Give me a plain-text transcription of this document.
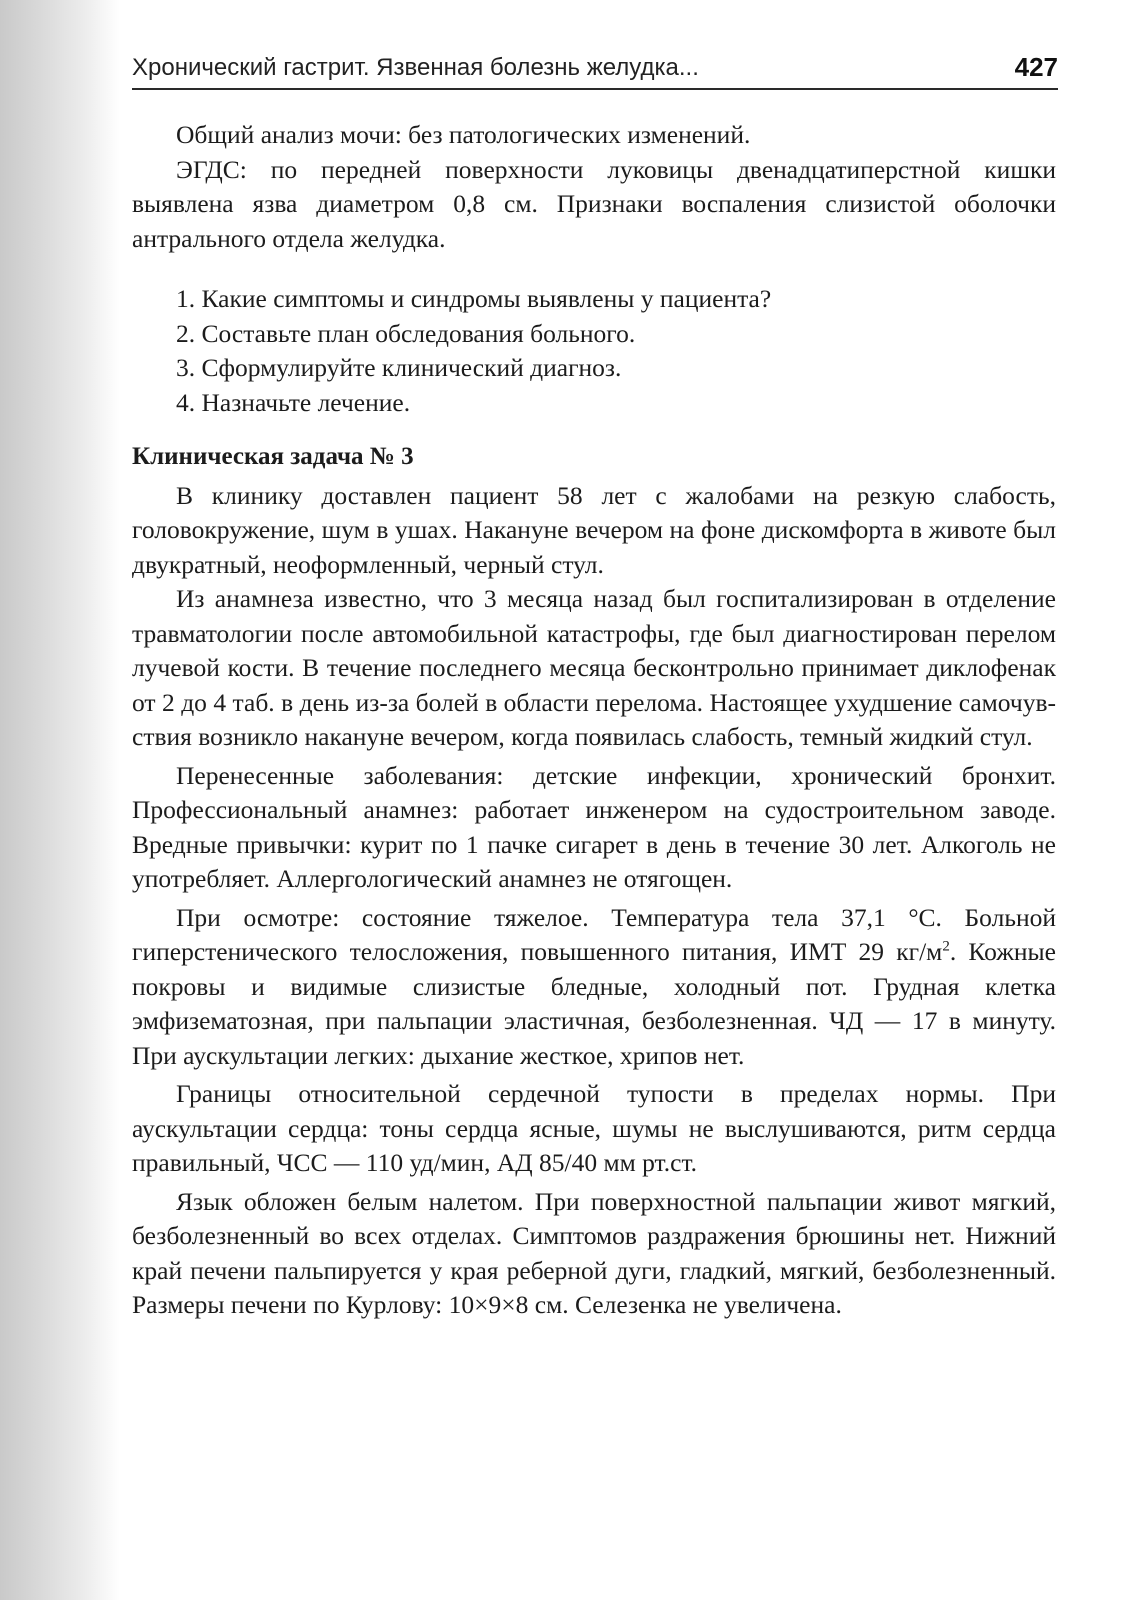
Хронический гастрит. Язвенная болезнь желудка...	427

Общий анализ мочи: без патологических изменений.

ЭГДС: по передней поверхности луковицы двенадцатиперстной кишки выявлена язва диаметром 0,8 см. Признаки воспаления слизистой оболочки антрального отдела желудка.

1. Какие симптомы и синдромы выявлены у пациента?
2. Составьте план обследования больного.
3. Сформулируйте клинический диагноз.
4. Назначьте лечение.
Клиническая задача № 3

В клинику доставлен пациент 58 лет с жалобами на резкую слабость, головокружение, шум в ушах. Накануне вечером на фоне дискомфорта в животе был двукратный, неоформленный, черный стул.

Из анамнеза известно, что 3 месяца назад был госпитализирован в отделение травматологии после автомобильной катастрофы, где был диагностирован перелом лучевой кости. В течение последнего месяца бесконтрольно принимает диклофенак от 2 до 4 таб. в день из-за болей в области перелома. Настоящее ухудшение самочув-ствия возникло накануне вечером, когда появилась слабость, темный жидкий стул.

Перенесенные заболевания: детские инфекции, хронический бронхит. Профессиональный анамнез: работает инженером на судостроительном заводе. Вредные привычки: курит по 1 пачке сигарет в день в течение 30 лет. Алкоголь не употребляет. Аллергологический анамнез не отягощен.

При осмотре: состояние тяжелое. Температура тела 37,1 °С. Больной гиперстенического телосложения, повышенного питания, ИМТ 29 $кг/м^2$. Кожные покровы и видимые слизистые бледные, холодный пот. Грудная клетка эмфизематозная, при пальпации эластичная, безболезненная. ЧД — 17 в минуту. При аускультации легких: дыхание жесткое, хрипов нет.

Границы относительной сердечной тупости в пределах нормы. При аускультации сердца: тоны сердца ясные, шумы не выслушиваются, ритм сердца правильный, ЧСС — 110 уд/мин, АД 85/40 мм рт.ст.

Язык обложен белым налетом. При поверхностной пальпации живот мягкий, безболезненный во всех отделах. Симптомов раздражения брюшины нет. Нижний край печени пальпируется у края реберной дуги, гладкий, мягкий, безболезненный. Размеры печени по Курлову: 10×9×8 см. Селезенка не увеличена.
